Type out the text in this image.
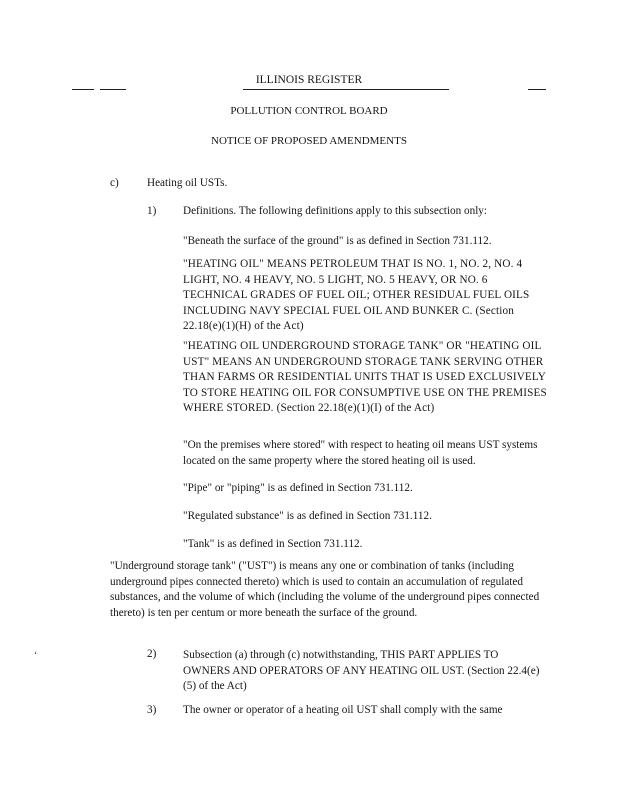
ILLINOIS REGISTER
POLLUTION CONTROL BOARD
NOTICE OF PROPOSED AMENDMENTS
c)	Heating oil USTs.
1) Definitions. The following definitions apply to this subsection only:
"Beneath the surface of the ground" is as defined in Section 731.112.
"HEATING OIL" MEANS PETROLEUM THAT IS NO. 1, NO. 2, NO. 4 LIGHT, NO. 4 HEAVY, NO. 5 LIGHT, NO. 5 HEAVY, OR NO. 6 TECHNICAL GRADES OF FUEL OIL; OTHER RESIDUAL FUEL OILS INCLUDING NAVY SPECIAL FUEL OIL AND BUNKER C. (Section 22.18(e)(1)(H) of the Act)
"HEATING OIL UNDERGROUND STORAGE TANK" OR "HEATING OIL UST" MEANS AN UNDERGROUND STORAGE TANK SERVING OTHER THAN FARMS OR RESIDENTIAL UNITS THAT IS USED EXCLUSIVELY TO STORE HEATING OIL FOR CONSUMPTIVE USE ON THE PREMISES WHERE STORED. (Section 22.18(e)(1)(I) of the Act)
"On the premises where stored" with respect to heating oil means UST systems located on the same property where the stored heating oil is used.
"Pipe" or "piping" is as defined in Section 731.112.
"Regulated substance" is as defined in Section 731.112.
"Tank" is as defined in Section 731.112.
"Underground storage tank" ("UST") is means any one or combination of tanks (including underground pipes connected thereto) which is used to contain an accumulation of regulated substances, and the volume of which (including the volume of the underground pipes connected thereto) is ten per centum or more beneath the surface of the ground.
‘	2) Subsection (a) through (c) notwithstanding, THIS PART APPLIES TO OWNERS AND OPERATORS OF ANY HEATING OIL UST. (Section 22.4(e)(5) of the Act)
3) The owner or operator of a heating oil UST shall comply with the same
